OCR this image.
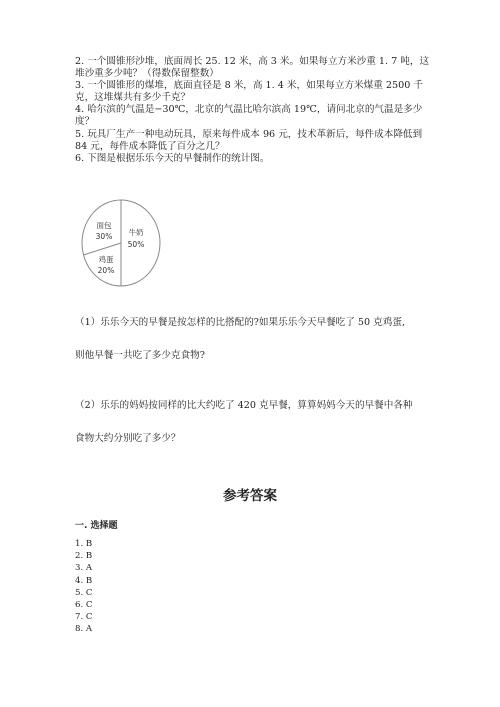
2. 一个圆锥形沙堆，底面周长 25. 12 米，高 3 米。如果每立方米沙重 1. 7 吨，这堆沙重多少吨？（得数保留整数）

3. 一个圆锥形的煤堆，底面直径是 8 米，高 1. 4 米，如果每立方米煤重 2500 千克，这堆煤共有多少千克？

4. 哈尔滨的气温是−30℃，北京的气温比哈尔滨高 19℃，请问北京的气温是多少度？

5. 玩具厂生产一种电动玩具，原来每件成本 96 元，技术革新后，每件成本降低到 84 元，每件成本降低了百分之几？

6. 下图是根据乐乐今天的早餐制作的统计图。

牛奶
50%
面包
30%
鸡蛋
20%
（1）乐乐今天的早餐是按怎样的比搭配的?如果乐乐今天早餐吃了 50 克鸡蛋,
则他早餐一共吃了多少克食物?
（2）乐乐的妈妈按同样的比大约吃了 420 克早餐，算算妈妈今天的早餐中各种
食物大约分别吃了多少？
参考答案
一. 选择题

1. B

2. B

3. A

4. B

5. C

6. C

7. C

8. A
